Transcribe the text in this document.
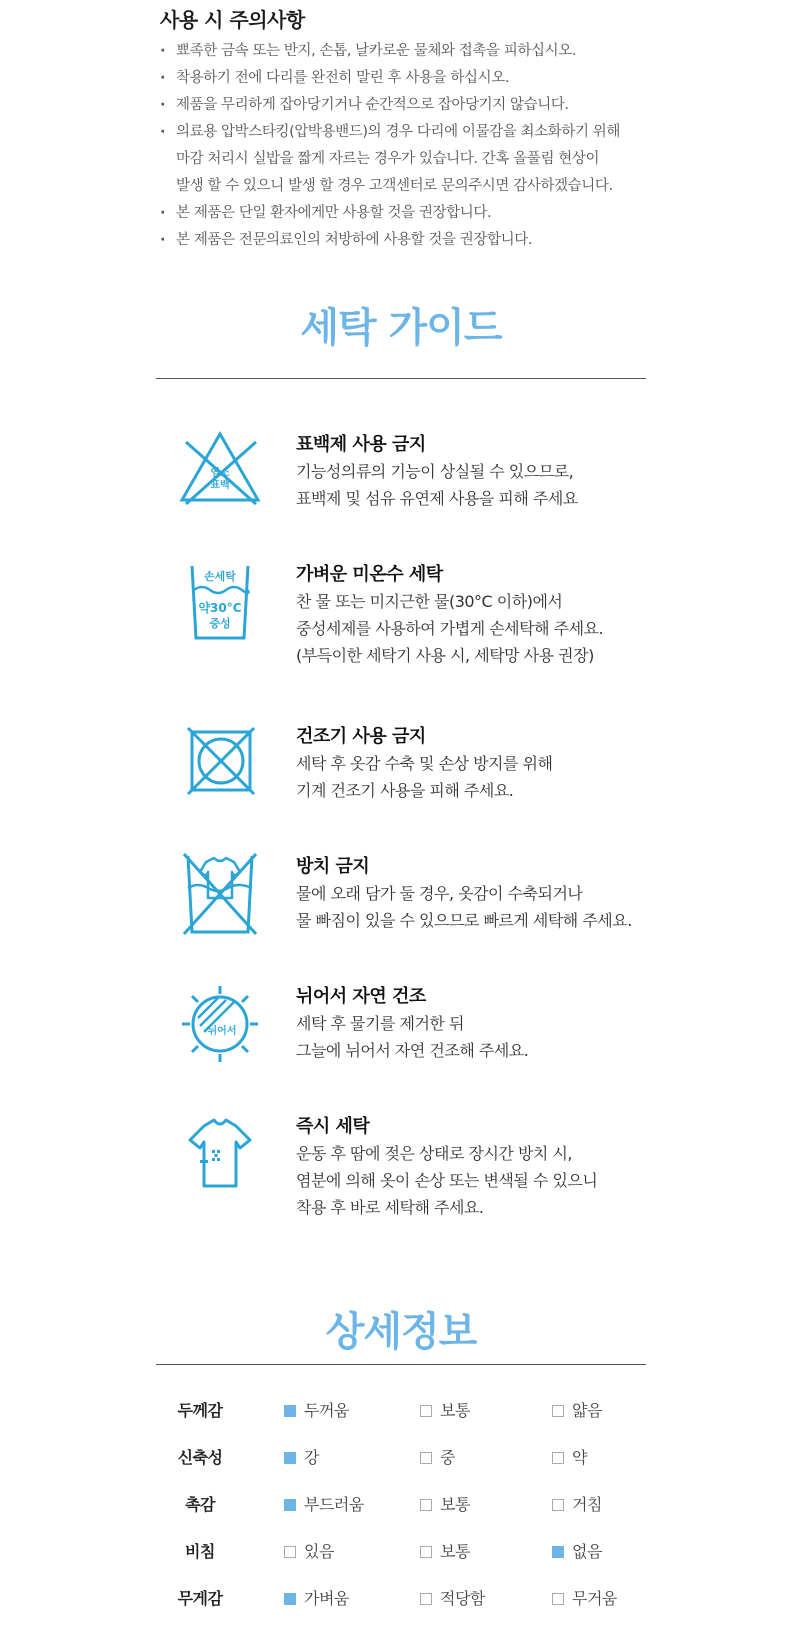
사용 시 주의사항
· 뾰족한 금속 또는 반지, 손톱, 날카로운 물체와 접촉을 피하십시오.
· 착용하기 전에 다리를 완전히 말린 후 사용을 하십시오.
· 제품을 무리하게 잡아당기거나 순간적으로 잡아당기지 않습니다.
· 의료용 압박스타킹(압박용밴드)의 경우 다리에 이물감을 최소화하기 위해
마감 처리시 실밥을 짧게 자르는 경우가 있습니다. 간혹 올풀림 현상이
발생 할 수 있으니 발생 할 경우 고객센터로 문의주시면 감사하겠습니다.
· 본 제품은 단일 환자에게만 사용할 것을 권장합니다.
· 본 제품은 전문의료인의 처방하에 사용할 것을 권장합니다.
세탁 가이드
염소
표백
표백제 사용 금지
기능성의류의 기능이 상실될 수 있으므로,
표백제 및 섬유 유연제 사용을 피해 주세요
손세탁
약30°C
중성
가벼운 미온수 세탁
찬 물 또는 미지근한 물(30°C 이하)에서
중성세제를 사용하여 가볍게 손세탁해 주세요.
(부득이한 세탁기 사용 시, 세탁망 사용 권장)
건조기 사용 금지
세탁 후 옷감 수축 및 손상 방지를 위해
기계 건조기 사용을 피해 주세요.
방치 금지
물에 오래 담가 둘 경우, 옷감이 수축되거나
물 빠짐이 있을 수 있으므로 빠르게 세탁해 주세요.
뉘어서
뉘어서 자연 건조
세탁 후 물기를 제거한 뒤
그늘에 뉘어서 자연 건조해 주세요.
즉시 세탁
운동 후 땀에 젖은 상태로 장시간 방치 시,
염분에 의해 옷이 손상 또는 변색될 수 있으니
착용 후 바로 세탁해 주세요.
상세정보
두께감	두꺼움	보통	얇음
신축성	강	중	약
촉감	부드러움	보통	거침
비침	있음	보통	없음
무게감	가벼움	적당함	무거움
